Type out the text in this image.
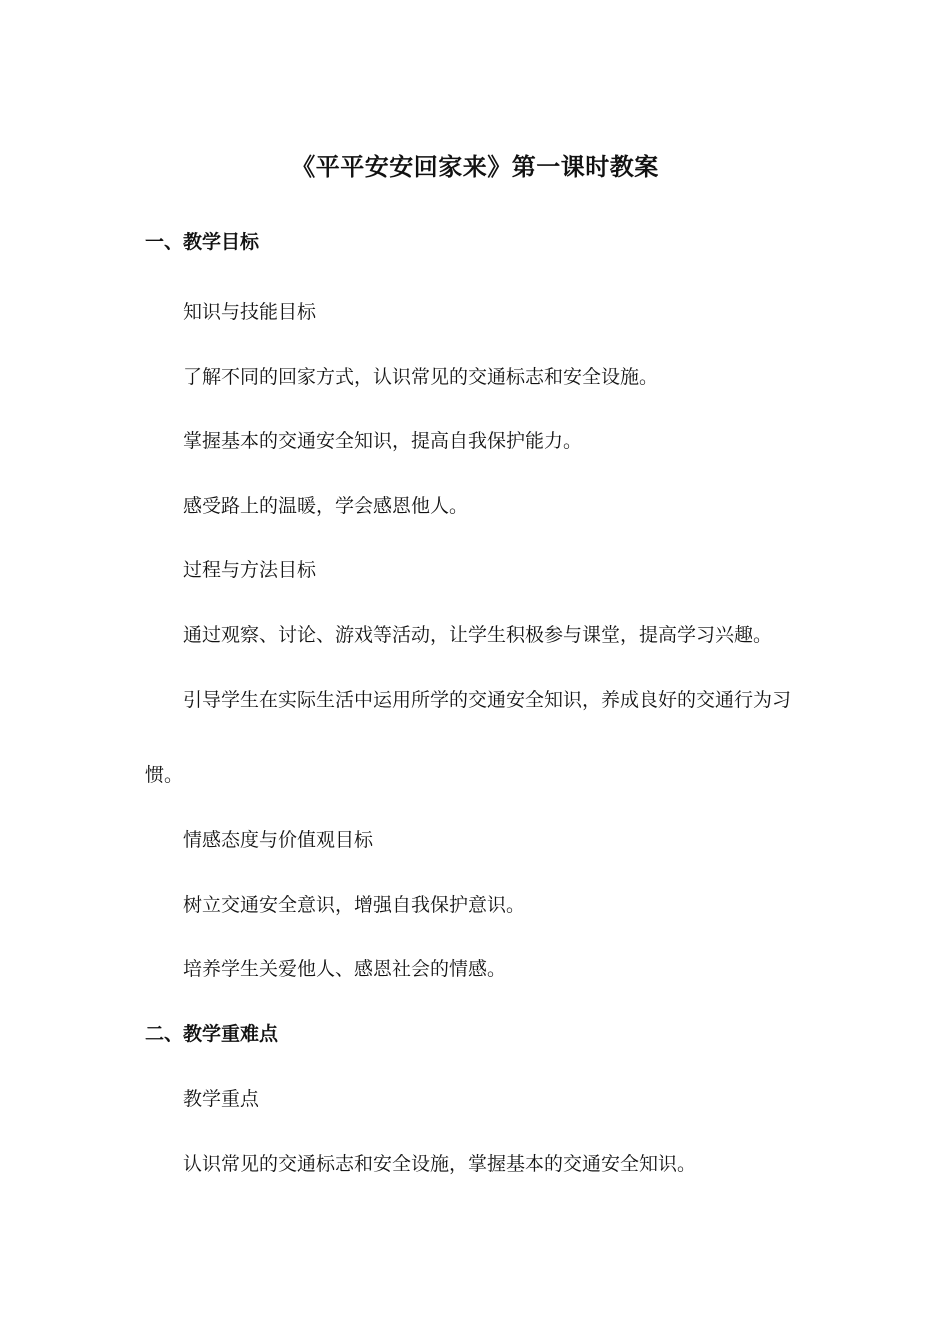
《平平安安回家来》第一课时教案
一、教学目标
知识与技能目标
了解不同的回家方式，认识常见的交通标志和安全设施。
掌握基本的交通安全知识，提高自我保护能力。
感受路上的温暖，学会感恩他人。
过程与方法目标
通过观察、讨论、游戏等活动，让学生积极参与课堂，提高学习兴趣。
引导学生在实际生活中运用所学的交通安全知识，养成良好的交通行为习
惯。
情感态度与价值观目标
树立交通安全意识，增强自我保护意识。
培养学生关爱他人、感恩社会的情感。
二、教学重难点
教学重点
认识常见的交通标志和安全设施，掌握基本的交通安全知识。
